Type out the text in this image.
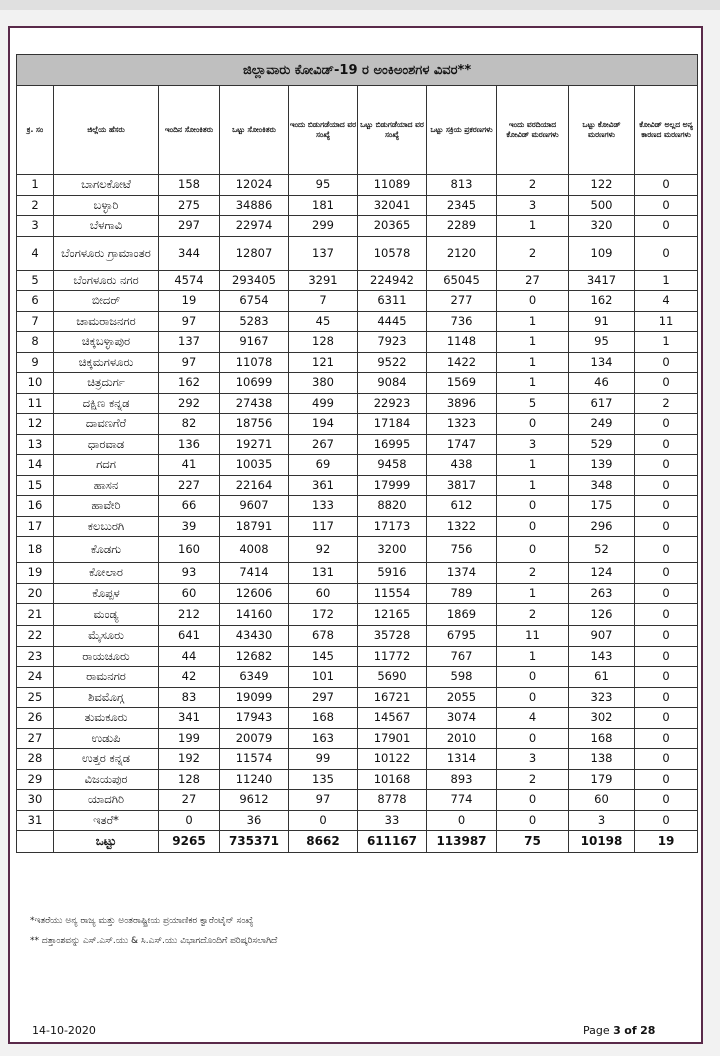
ಜಿಲ್ಲಾವಾರು ಕೋವಿಡ್-19 ರ ಅಂಕಿಅಂಶಗಳ ವಿವರ**									
ಕ್ರ. ಸಂ	ಜಿಲ್ಲೆಯ ಹೆಸರು	ಇಂದಿನ ಸೋಂಕಿತರು	ಒಟ್ಟು ಸೋಂಕಿತರು	ಇಂದು ಬಿಡುಗಡೆಯಾದ ವರ ಸಂಖ್ಯೆ	ಒಟ್ಟು ಬಿಡುಗಡೆಯಾದ ವರ ಸಂಖ್ಯೆ	ಒಟ್ಟು ಸಕ್ರಿಯ ಪ್ರಕರಣಗಳು	ಇಂದು ವರದಿಯಾದ ಕೋವಿಡ್ ಮರಣಗಳು	ಒಟ್ಟು ಕೋವಿಡ್ ಮರಣಗಳು	ಕೋವಿಡ್ ಅಲ್ಲದ ಅನ್ಯ ಕಾರಣದ ಮರಣಗಳು
1	ಬಾಗಲಕೋಟೆ	158	12024	95	11089	813	2	122	0
2	ಬಳ್ಳಾರಿ	275	34886	181	32041	2345	3	500	0
3	ಬೆಳಗಾವಿ	297	22974	299	20365	2289	1	320	0
4	ಬೆಂಗಳೂರು ಗ್ರಾಮಾಂತರ	344	12807	137	10578	2120	2	109	0
5	ಬೆಂಗಳೂರು ನಗರ	4574	293405	3291	224942	65045	27	3417	1
6	ಬೀದರ್	19	6754	7	6311	277	0	162	4
7	ಚಾಮರಾಜನಗರ	97	5283	45	4445	736	1	91	11
8	ಚಿಕ್ಕಬಳ್ಳಾಪುರ	137	9167	128	7923	1148	1	95	1
9	ಚಿಕ್ಕಮಗಳೂರು	97	11078	121	9522	1422	1	134	0
10	ಚಿತ್ರದುರ್ಗ	162	10699	380	9084	1569	1	46	0
11	ದಕ್ಷಿಣ ಕನ್ನಡ	292	27438	499	22923	3896	5	617	2
12	ದಾವಣಗೆರೆ	82	18756	194	17184	1323	0	249	0
13	ಧಾರವಾಡ	136	19271	267	16995	1747	3	529	0
14	ಗದಗ	41	10035	69	9458	438	1	139	0
15	ಹಾಸನ	227	22164	361	17999	3817	1	348	0
16	ಹಾವೇರಿ	66	9607	133	8820	612	0	175	0
17	ಕಲಬುರಗಿ	39	18791	117	17173	1322	0	296	0
18	ಕೊಡಗು	160	4008	92	3200	756	0	52	0
19	ಕೋಲಾರ	93	7414	131	5916	1374	2	124	0
20	ಕೊಪ್ಪಳ	60	12606	60	11554	789	1	263	0
21	ಮಂಡ್ಯ	212	14160	172	12165	1869	2	126	0
22	ಮೈಸೂರು	641	43430	678	35728	6795	11	907	0
23	ರಾಯಚೂರು	44	12682	145	11772	767	1	143	0
24	ರಾಮನಗರ	42	6349	101	5690	598	0	61	0
25	ಶಿವಮೊಗ್ಗ	83	19099	297	16721	2055	0	323	0
26	ತುಮಕೂರು	341	17943	168	14567	3074	4	302	0
27	ಉಡುಪಿ	199	20079	163	17901	2010	0	168	0
28	ಉತ್ತರ ಕನ್ನಡ	192	11574	99	10122	1314	3	138	0
29	ವಿಜಯಪುರ	128	11240	135	10168	893	2	179	0
30	ಯಾದಗಿರಿ	27	9612	97	8778	774	0	60	0
31	ಇತರೆ*	0	36	0	33	0	0	3	0
	ಒಟ್ಟು	9265	735371	8662	611167	113987	75	10198	19
*ಇತರೆಯು ಅನ್ಯ ರಾಜ್ಯ ಮತ್ತು ಅಂತರಾಷ್ಟ್ರೀಯ ಪ್ರಯಾಣಿಕರ ಕ್ವಾರೆಂಟೈನ್ ಸಂಖ್ಯೆ
** ದತ್ತಾಂಶವನ್ನು ಎಸ್.ಎಸ್.ಯು & ಸಿ.ಎಸ್.ಯು ವಿಭಾಗದೊಂದಿಗೆ ಪರಿಷ್ಕರಿಸಲಾಗಿದೆ
14-10-2020	Page 3 of 28
